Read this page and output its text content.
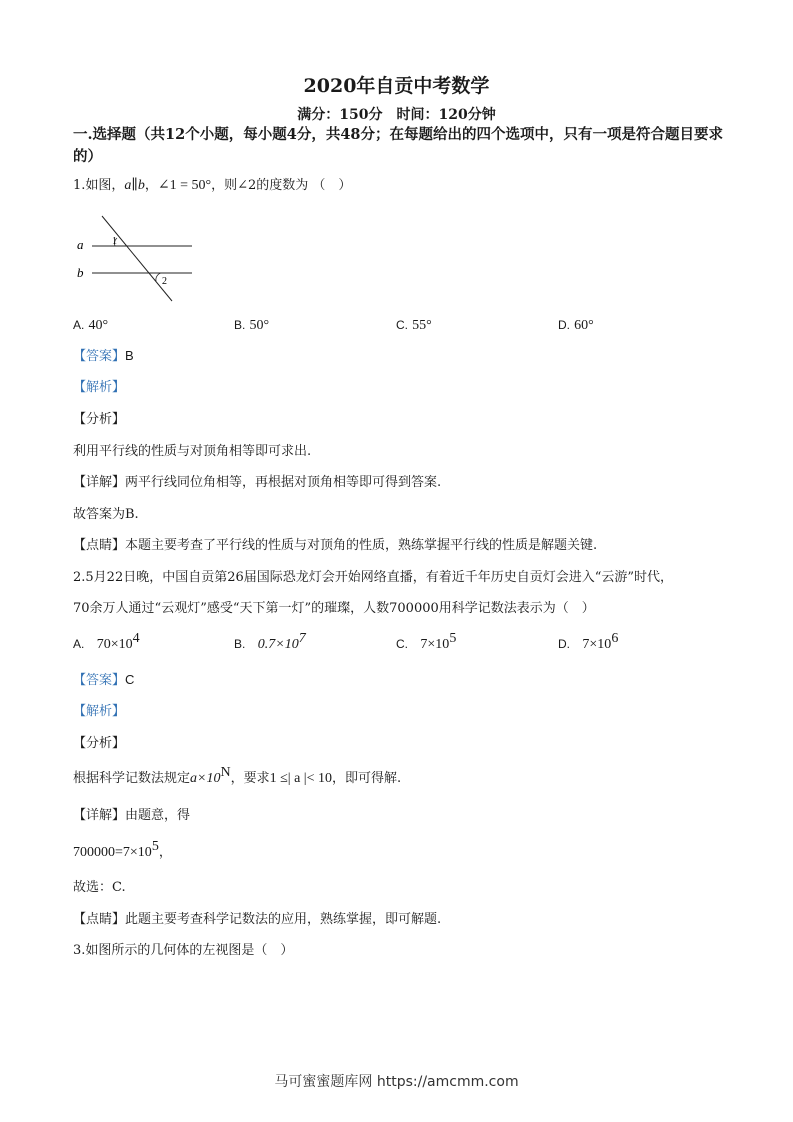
2020年自贡中考数学
满分：150分　时间：120分钟
一.选择题（共12个小题，每小题4分，共48分；在每题给出的四个选项中，只有一项是符合题目要求的）
1.如图，a∥b，∠1 = 50°，则∠2的度数为 （　）
a
b
1
2
A. 40°	B. 50°	C. 55°	D. 60°
【答案】B
【解析】
【分析】
利用平行线的性质与对顶角相等即可求出.
【详解】两平行线同位角相等，再根据对顶角相等即可得到答案.
故答案为B.
【点睛】本题主要考查了平行线的性质与对顶角的性质，熟练掌握平行线的性质是解题关键.
2.5月22日晚，中国自贡第26届国际恐龙灯会开始网络直播，有着近千年历史自贡灯会进入“云游”时代，
70余万人通过“云观灯”感受“天下第一灯”的璀璨，人数700000用科学记数法表示为（　）
A. $70\times 10^4$	B. $0.7\times 10^7$	C. $7\times 10^5$	D. $7\times 10^6$
【答案】C
【解析】
【分析】
根据科学记数法规定$a\times 10^N$，要求1 ≤| a |< 10，即可得解.
【详解】由题意，得
$700000=7\times 10^5$，
故选：C.
【点睛】此题主要考查科学记数法的应用，熟练掌握，即可解题.
3.如图所示的几何体的左视图是（　）
马可蜜蜜题库网 https://amcmm.com
